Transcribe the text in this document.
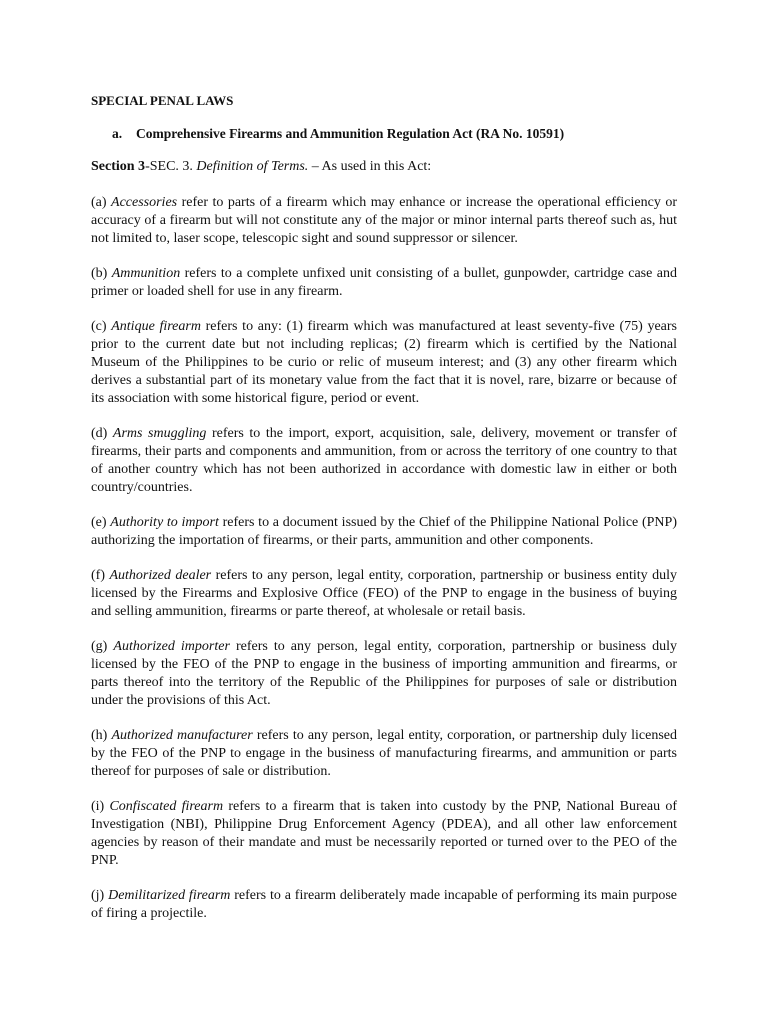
SPECIAL PENAL LAWS

a. Comprehensive Firearms and Ammunition Regulation Act (RA No. 10591)

Section 3-SEC. 3. Definition of Terms. – As used in this Act:

(a) Accessories refer to parts of a firearm which may enhance or increase the operational efficiency or accuracy of a firearm but will not constitute any of the major or minor internal parts thereof such as, hut not limited to, laser scope, telescopic sight and sound suppressor or silencer.

(b) Ammunition refers to a complete unfixed unit consisting of a bullet, gunpowder, cartridge case and primer or loaded shell for use in any firearm.

(c) Antique firearm refers to any: (1) firearm which was manufactured at least seventy-five (75) years prior to the current date but not including replicas; (2) firearm which is certified by the National Museum of the Philippines to be curio or relic of museum interest; and (3) any other firearm which derives a substantial part of its monetary value from the fact that it is novel, rare, bizarre or because of its association with some historical figure, period or event.

(d) Arms smuggling refers to the import, export, acquisition, sale, delivery, movement or transfer of firearms, their parts and components and ammunition, from or across the territory of one country to that of another country which has not been authorized in accordance with domestic law in either or both country/countries.

(e) Authority to import refers to a document issued by the Chief of the Philippine National Police (PNP) authorizing the importation of firearms, or their parts, ammunition and other components.

(f) Authorized dealer refers to any person, legal entity, corporation, partnership or business entity duly licensed by the Firearms and Explosive Office (FEO) of the PNP to engage in the business of buying and selling ammunition, firearms or parte thereof, at wholesale or retail basis.

(g) Authorized importer refers to any person, legal entity, corporation, partnership or business duly licensed by the FEO of the PNP to engage in the business of importing ammunition and firearms, or parts thereof into the territory of the Republic of the Philippines for purposes of sale or distribution under the provisions of this Act.

(h) Authorized manufacturer refers to any person, legal entity, corporation, or partnership duly licensed by the FEO of the PNP to engage in the business of manufacturing firearms, and ammunition or parts thereof for purposes of sale or distribution.

(i) Confiscated firearm refers to a firearm that is taken into custody by the PNP, National Bureau of Investigation (NBI), Philippine Drug Enforcement Agency (PDEA), and all other law enforcement agencies by reason of their mandate and must be necessarily reported or turned over to the PEO of the PNP.

(j) Demilitarized firearm refers to a firearm deliberately made incapable of performing its main purpose of firing a projectile.
